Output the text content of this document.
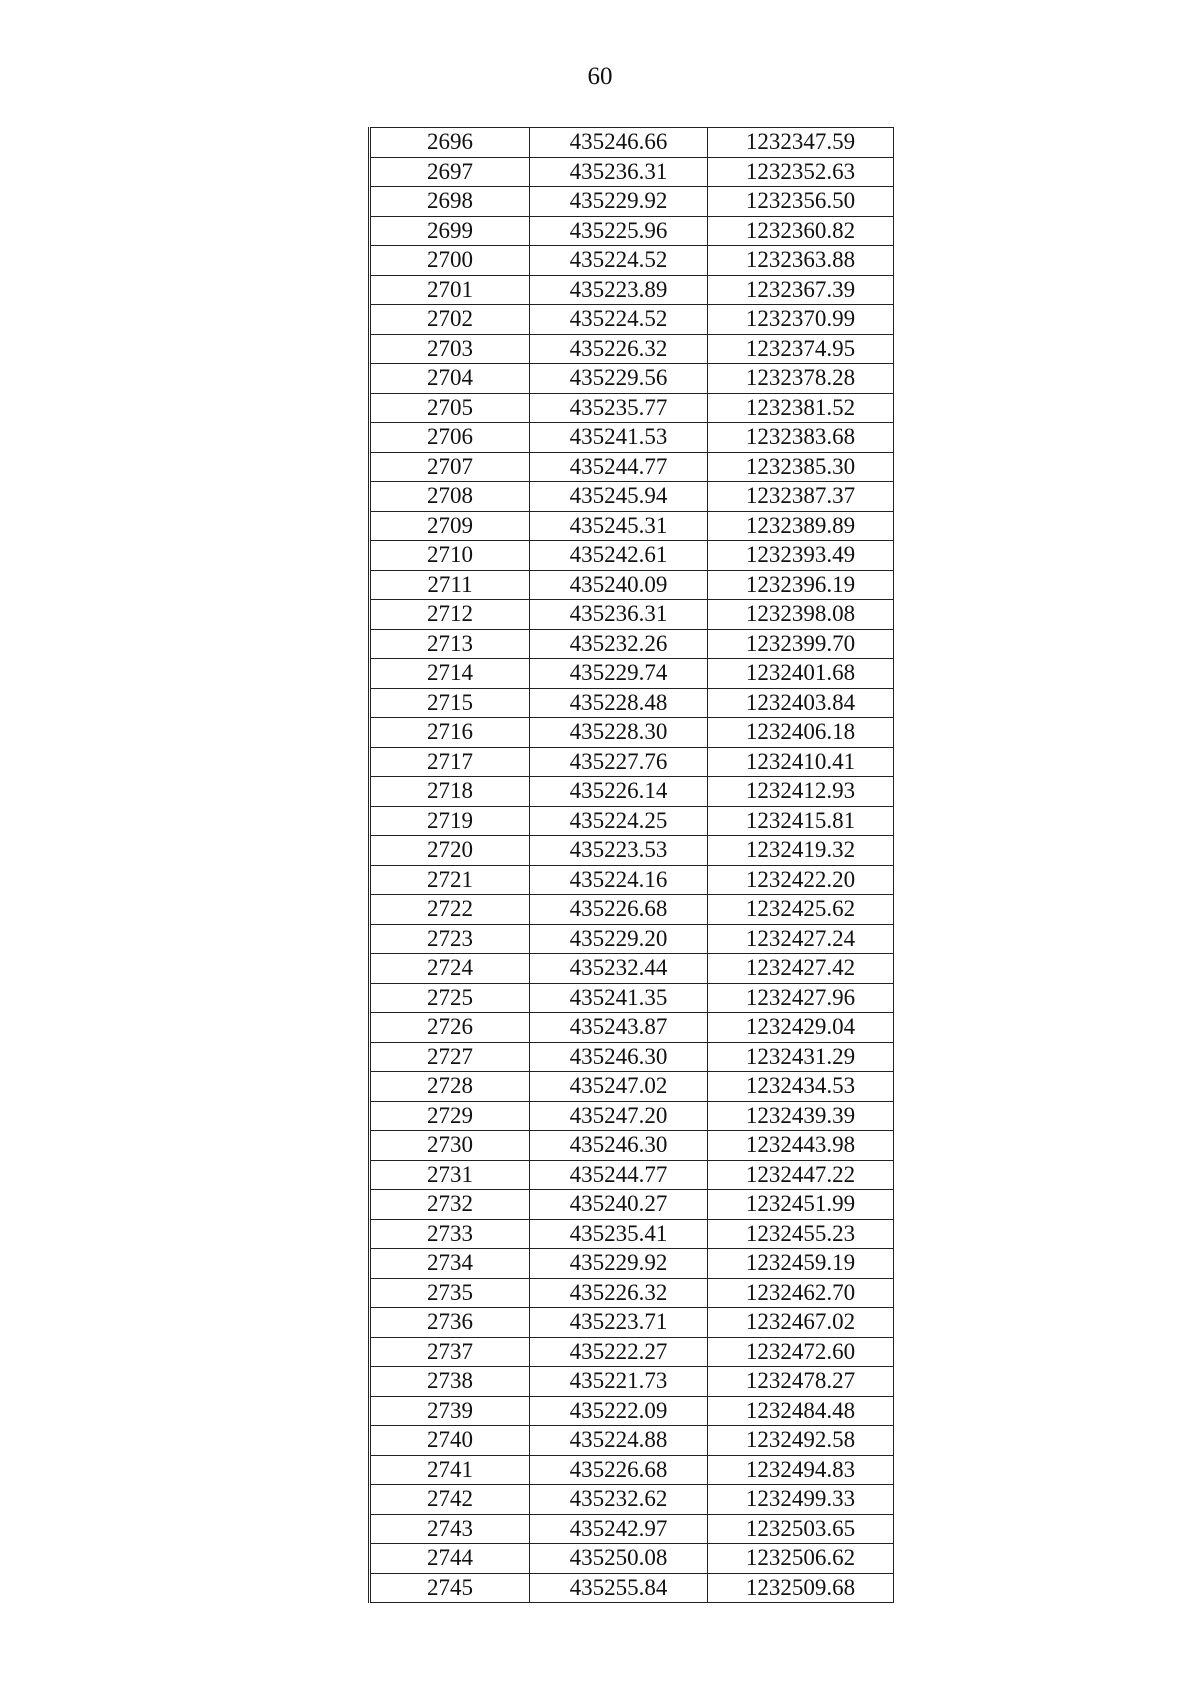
60
2696	435246.66	1232347.59
2697	435236.31	1232352.63
2698	435229.92	1232356.50
2699	435225.96	1232360.82
2700	435224.52	1232363.88
2701	435223.89	1232367.39
2702	435224.52	1232370.99
2703	435226.32	1232374.95
2704	435229.56	1232378.28
2705	435235.77	1232381.52
2706	435241.53	1232383.68
2707	435244.77	1232385.30
2708	435245.94	1232387.37
2709	435245.31	1232389.89
2710	435242.61	1232393.49
2711	435240.09	1232396.19
2712	435236.31	1232398.08
2713	435232.26	1232399.70
2714	435229.74	1232401.68
2715	435228.48	1232403.84
2716	435228.30	1232406.18
2717	435227.76	1232410.41
2718	435226.14	1232412.93
2719	435224.25	1232415.81
2720	435223.53	1232419.32
2721	435224.16	1232422.20
2722	435226.68	1232425.62
2723	435229.20	1232427.24
2724	435232.44	1232427.42
2725	435241.35	1232427.96
2726	435243.87	1232429.04
2727	435246.30	1232431.29
2728	435247.02	1232434.53
2729	435247.20	1232439.39
2730	435246.30	1232443.98
2731	435244.77	1232447.22
2732	435240.27	1232451.99
2733	435235.41	1232455.23
2734	435229.92	1232459.19
2735	435226.32	1232462.70
2736	435223.71	1232467.02
2737	435222.27	1232472.60
2738	435221.73	1232478.27
2739	435222.09	1232484.48
2740	435224.88	1232492.58
2741	435226.68	1232494.83
2742	435232.62	1232499.33
2743	435242.97	1232503.65
2744	435250.08	1232506.62
2745	435255.84	1232509.68
